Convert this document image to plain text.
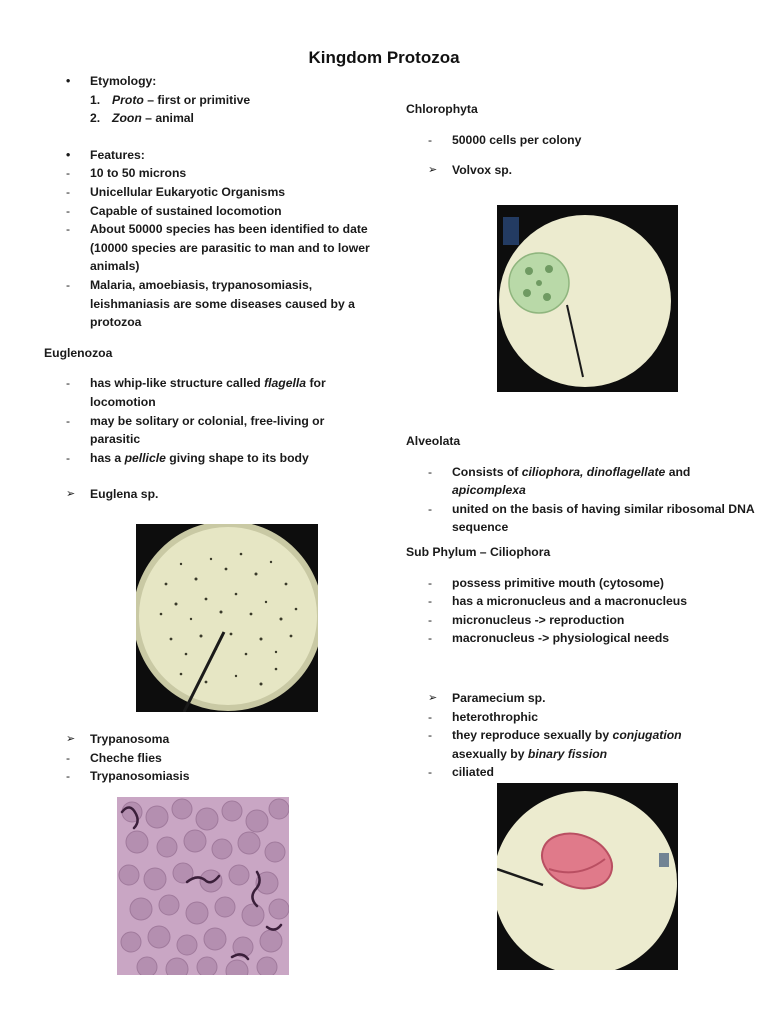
Kingdom Protozoa
• Etymology:
1. Proto – first or primitive
2. Zoon – animal
• Features:
- 10 to 50 microns
- Unicellular Eukaryotic Organisms
- Capable of sustained locomotion
- About 50000 species has been identified to date (10000 species are parasitic to man and to lower animals)
- Malaria, amoebiasis, trypanosomiasis, leishmaniasis are some diseases caused by a protozoa
Euglenozoa
- has whip-like structure called flagella for locomotion
- may be solitary or colonial, free-living or parasitic
- has a pellicle giving shape to its body
➢ Euglena sp.
➢ Trypanosoma
- Cheche flies
- Trypanosomiasis
Chlorophyta
- 50000 cells per colony
➢ Volvox sp.
Alveolata
- Consists of ciliophora, dinoflagellate and apicomplexa
- united on the basis of having similar ribosomal DNA sequence
Sub Phylum – Ciliophora
- possess primitive mouth (cytosome)
- has a micronucleus and a macronucleus
- micronucleus -> reproduction
- macronucleus -> physiological needs
➢ Paramecium sp.
- heterothrophic
- they reproduce sexually by conjugation
asexually by binary fission
- ciliated
